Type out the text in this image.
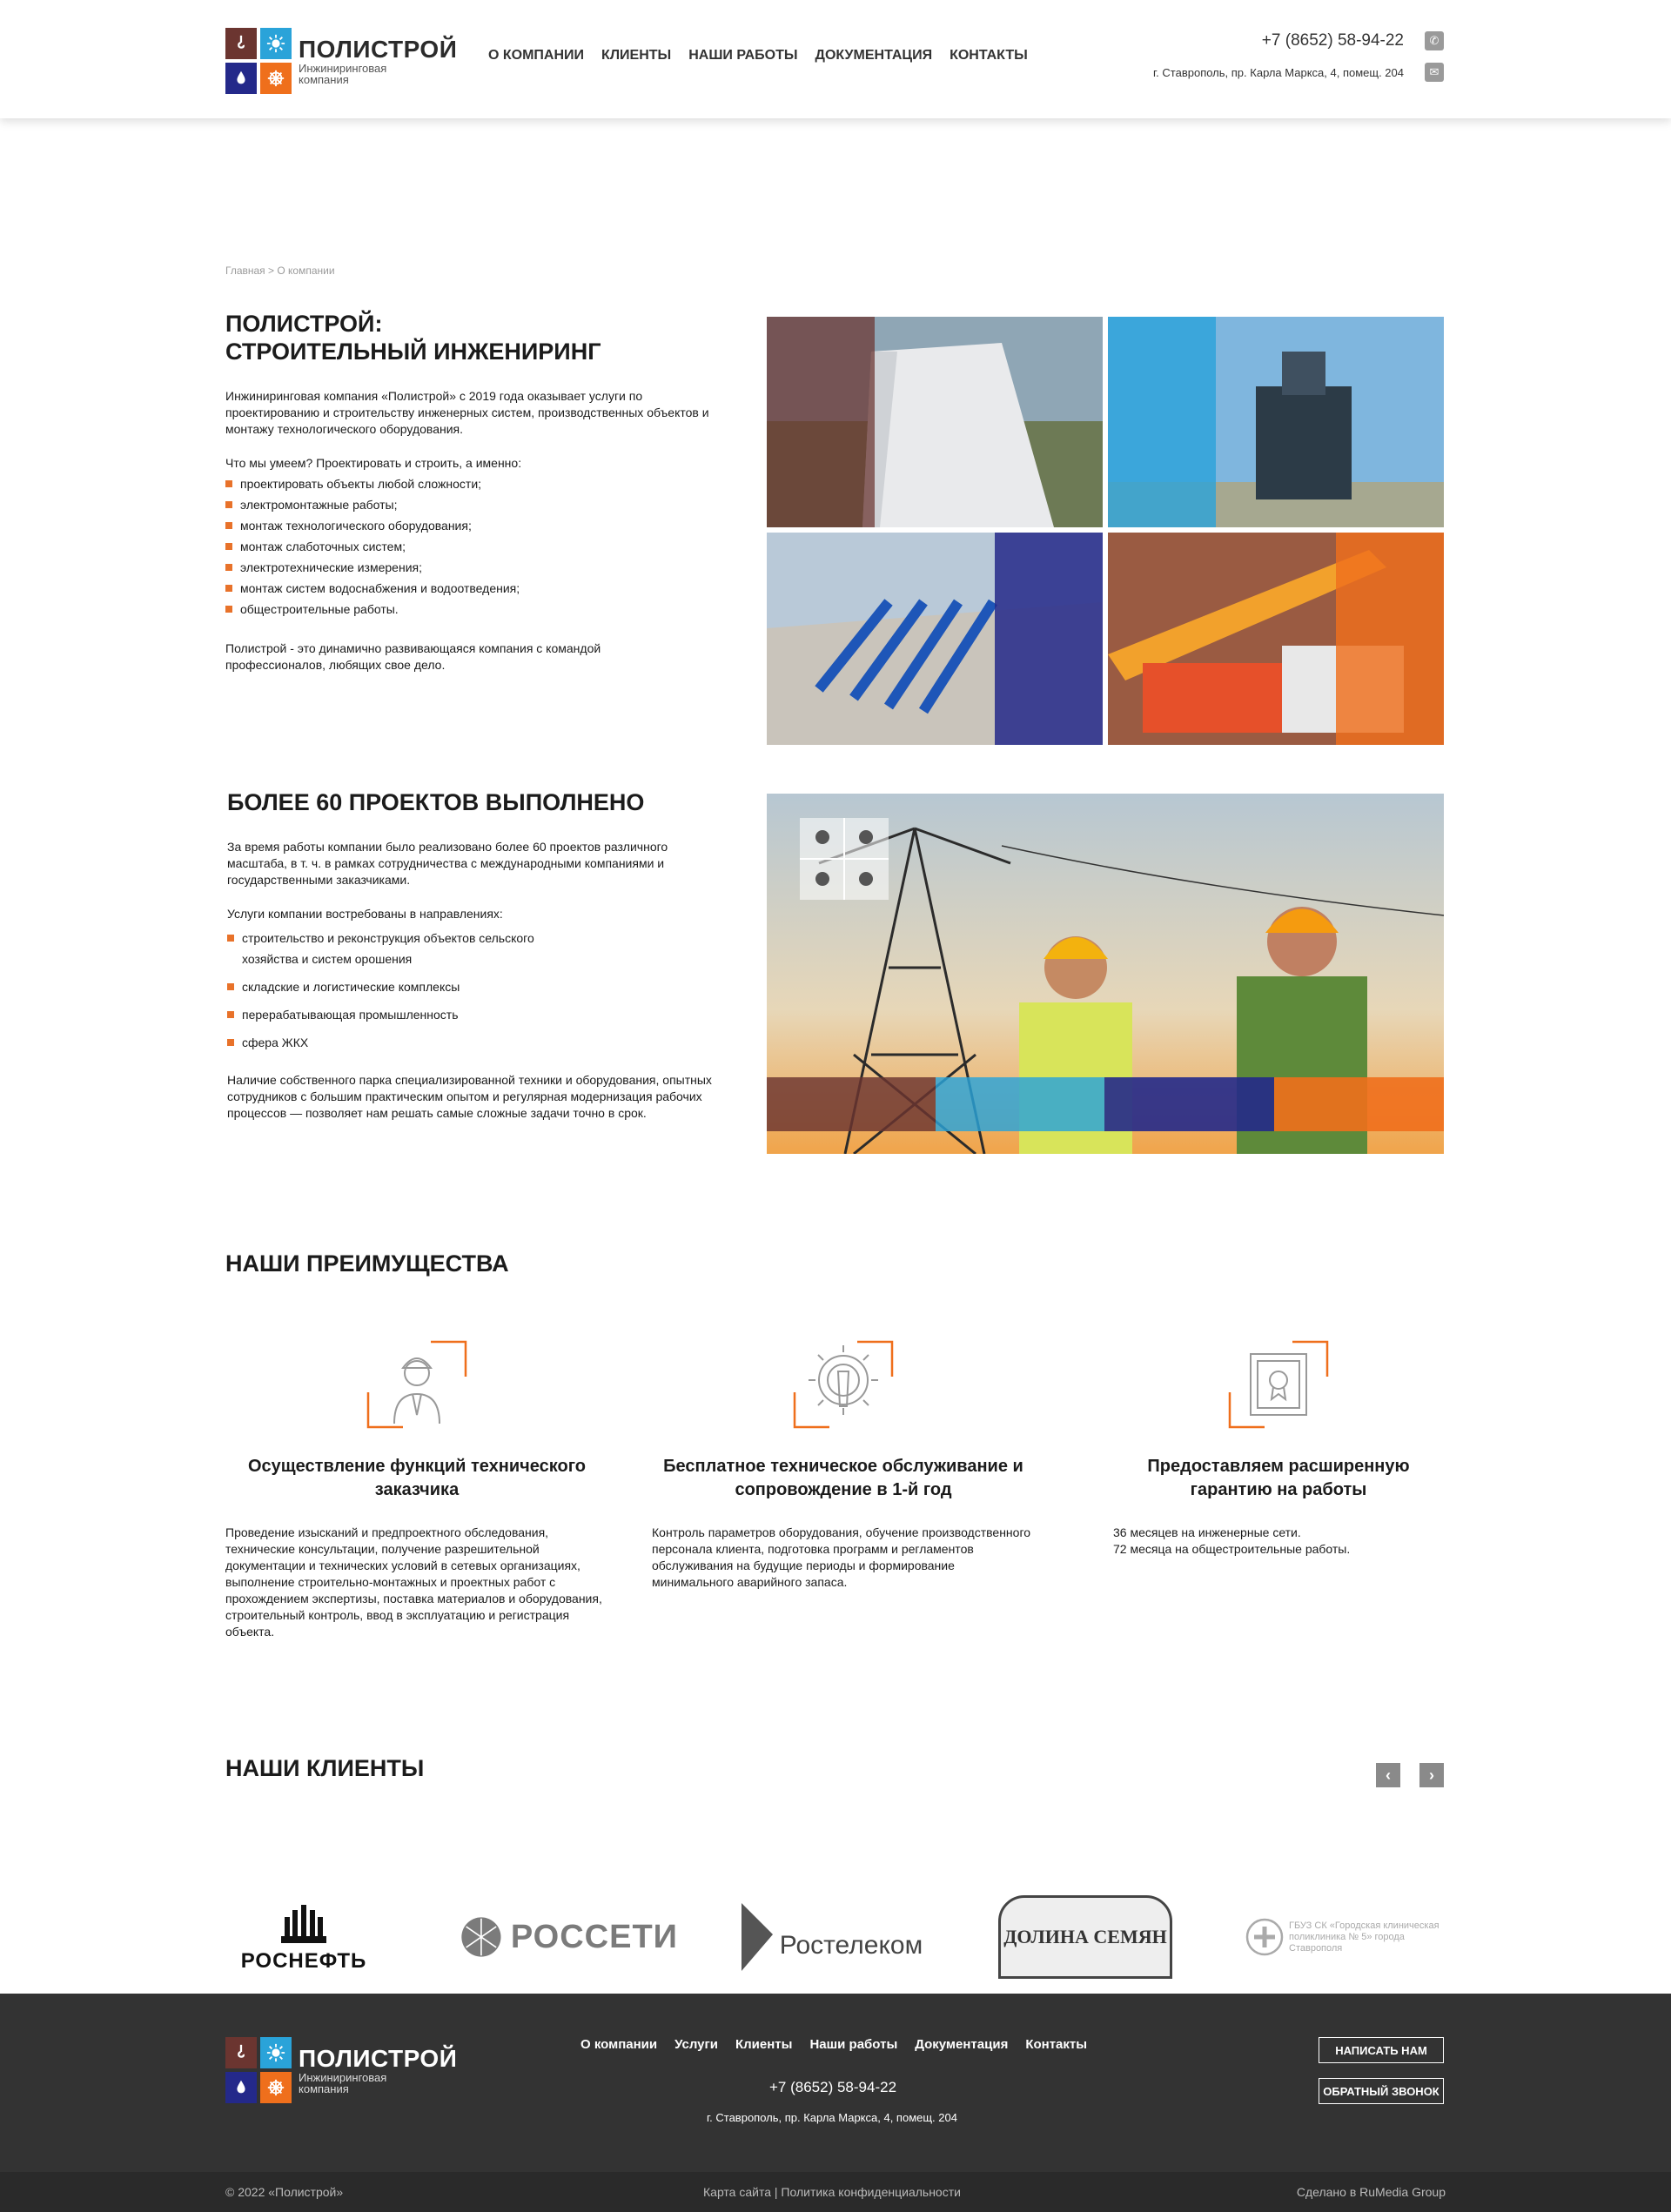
ПОЛИСТРОЙ
Инжиниринговая компания
О КОМПАНИИ КЛИЕНТЫ НАШИ РАБОТЫ ДОКУМЕНТАЦИЯ КОНТАКТЫ
+7 (8652) 58-94-22	✆
г. Ставрополь, пр. Карла Маркса, 4, помещ. 204	✉
Главная > О компании
ПОЛИСТРОЙ:
СТРОИТЕЛЬНЫЙ ИНЖЕНИРИНГ

Инжиниринговая компания «Полистрой» с 2019 года оказывает услуги по проектированию и строительству инженерных систем, производственных объектов и монтажу технологического оборудования.

Что мы умеем? Проектировать и строить, а именно:

проектировать объекты любой сложности;
электромонтажные работы;
монтаж технологического оборудования;
монтаж слаботочных систем;
электротехнические измерения;
монтаж систем водоснабжения и водоотведения;
общестроительные работы.

Полистрой - это динамично развивающаяся компания с командой профессионалов, любящих свое дело.

БОЛЕЕ 60 ПРОЕКТОВ ВЫПОЛНЕНО

За время работы компании было реализовано более 60 проектов различного масштаба, в т. ч. в рамках сотрудничества с международными компаниями и государственными заказчиками.

Услуги компании востребованы в направлениях:

строительство и реконструкция объектов сельского хозяйства и систем орошения
складские и логистические комплексы
перерабатывающая промышленность
сфера ЖКХ

Наличие собственного парка специализированной техники и оборудования, опытных сотрудников с большим практическим опытом и регулярная модернизация рабочих процессов — позволяет нам решать самые сложные задачи точно в срок.

НАШИ ПРЕИМУЩЕСТВА
Осуществление функций технического заказчика
Проведение изысканий и предпроектного обследования, технические консультации, получение разрешительной документации и технических условий в сетевых организациях, выполнение строительно-монтажных и проектных работ с прохождением экспертизы, поставка материалов и оборудования, строительный контроль, ввод в эксплуатацию и регистрация объекта.
Бесплатное техническое обслуживание и сопровождение в 1-й год
Контроль параметров оборудования, обучение производственного персонала клиента, подготовка программ и регламентов обслуживания на будущие периоды и формирование минимального аварийного запаса.
Предоставляем расширенную гарантию на работы
36 месяцев на инженерные сети.
72 месяца на общестроительные работы.
НАШИ КЛИЕНТЫ	‹	›
РОСНЕФТЬ
РОССЕТИ	Ростелеком	ДОЛИНА СЕМЯН
ГБУЗ СК «Городская клиническая поликлиника № 5» города Ставрополя
ПОЛИСТРОЙ
Инжиниринговая компания
О компании Услуги Клиенты Наши работы Документация Контакты
+7 (8652) 58-94-22
г. Ставрополь, пр. Карла Маркса, 4, помещ. 204
НАПИСАТЬ НАМ
ОБРАТНЫЙ ЗВОНОК
© 2022 «Полистрой»	Карта сайта | Политика конфиденциальности	Сделано в RuMedia Group
